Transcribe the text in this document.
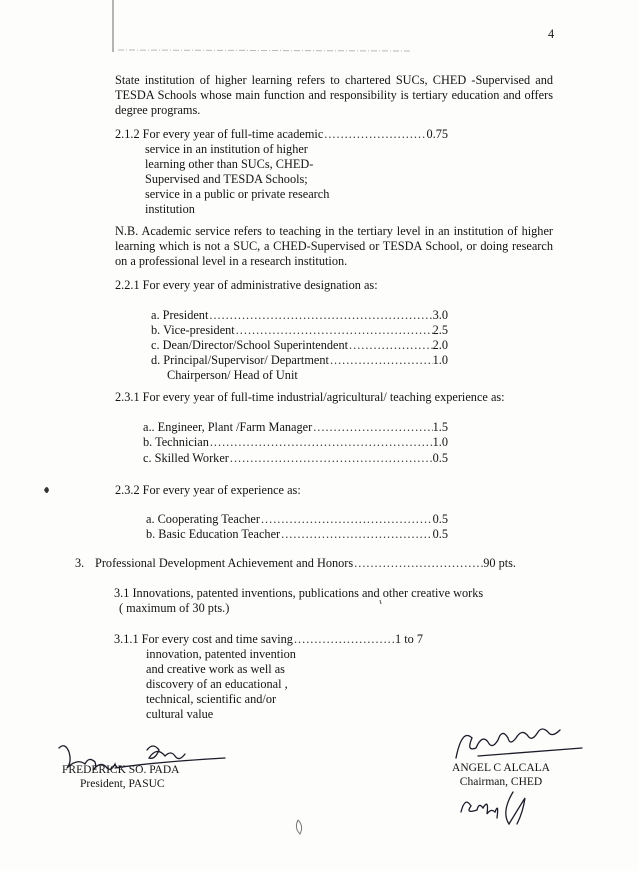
4
State institution of higher learning refers to chartered SUCs, CHED -Supervised and TESDA Schools whose main function and responsibility is tertiary education and offers degree programs.
2.1.2 For every year of full-time academic .....	0.75
service in an institution of higher
learning other than SUCs, CHED-
Supervised and TESDA Schools;
service in a public or private research
institution
N.B. Academic service refers to teaching in the tertiary level in an institution of higher learning which is not a SUC, a CHED-Supervised or TESDA School, or doing research on a professional level in a research institution.
2.2.1 For every year of administrative designation as:
a. President .....	3.0
b. Vice-president .....	2.5
c. Dean/Director/School Superintendent .....	2.0
d. Principal/Supervisor/ Department .....	1.0
Chairperson/ Head of Unit
2.3.1 For every year of full-time industrial/agricultural/ teaching experience as:
a.. Engineer, Plant /Farm Manager .....	1.5
b. Technician .....	1.0
c. Skilled Worker .....	0.5
2.3.2 For every year of experience as:
a. Cooperating Teacher .....	0.5
b. Basic Education Teacher .....	0.5
3. Professional Development Achievement and Honors .....	90 pts.
3.1 Innovations, patented inventions, publications and other creative works
( maximum of 30 pts.)
3.1.1 For every cost and time saving .....	1 to 7
innovation, patented invention
and creative work as well as
discovery of an educational ,
technical, scientific and/or
cultural value
FREDERICK SO. PADA
President, PASUC
ANGEL C ALCALA
Chairman, CHED
